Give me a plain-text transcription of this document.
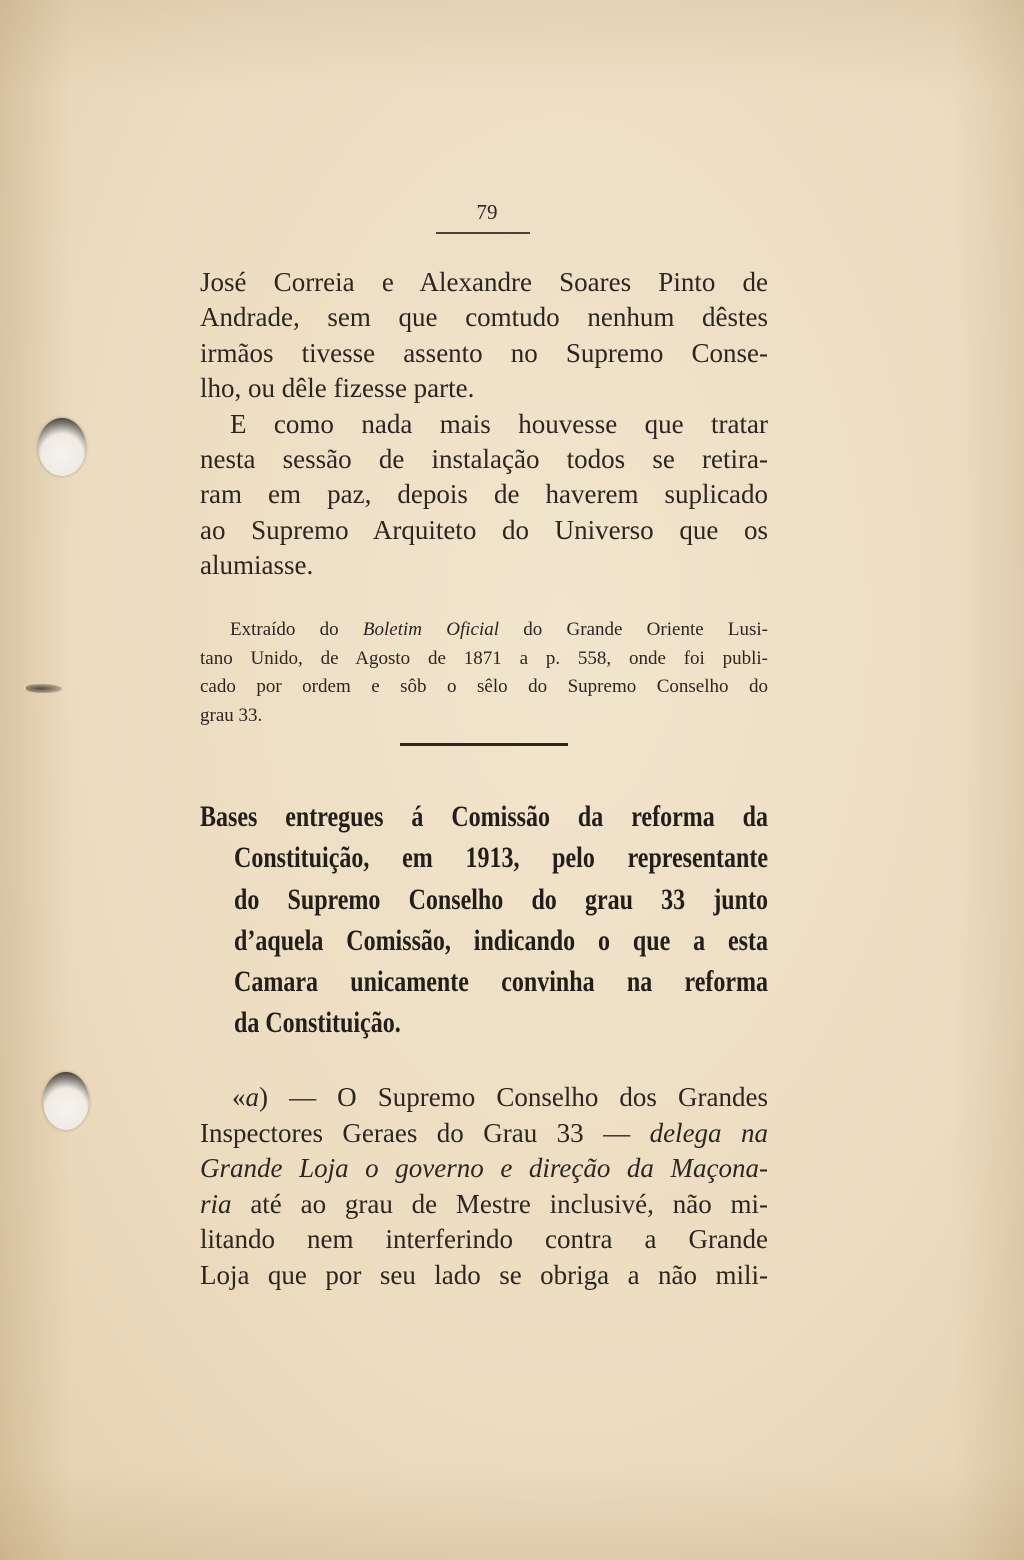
79
José Correia e Alexandre Soares Pinto de
Andrade, sem que comtudo nenhum dêstes
irmãos tivesse assento no Supremo Conse-
lho, ou dêle fizesse parte.
E como nada mais houvesse que tratar
nesta sessão de instalação todos se retira-
ram em paz, depois de haverem suplicado
ao Supremo Arquiteto do Universo que os
alumiasse.
Extraído do Boletim Oficial do Grande Oriente Lusi-
tano Unido, de Agosto de 1871 a p. 558, onde foi publi-
cado por ordem e sôb o sêlo do Supremo Conselho do
grau 33.
Bases entregues á Comissão da reforma da
Constituição, em 1913, pelo representante
do Supremo Conselho do grau 33 junto
d’aquela Comissão, indicando o que a esta
Camara unicamente convinha na reforma
da Constituição.
«a) — O Supremo Conselho dos Grandes
Inspectores Geraes do Grau 33 — delega na
Grande Loja o governo e direção da Maçona-
ria até ao grau de Mestre inclusivé, não mi-
litando nem interferindo contra a Grande
Loja que por seu lado se obriga a não mili-
